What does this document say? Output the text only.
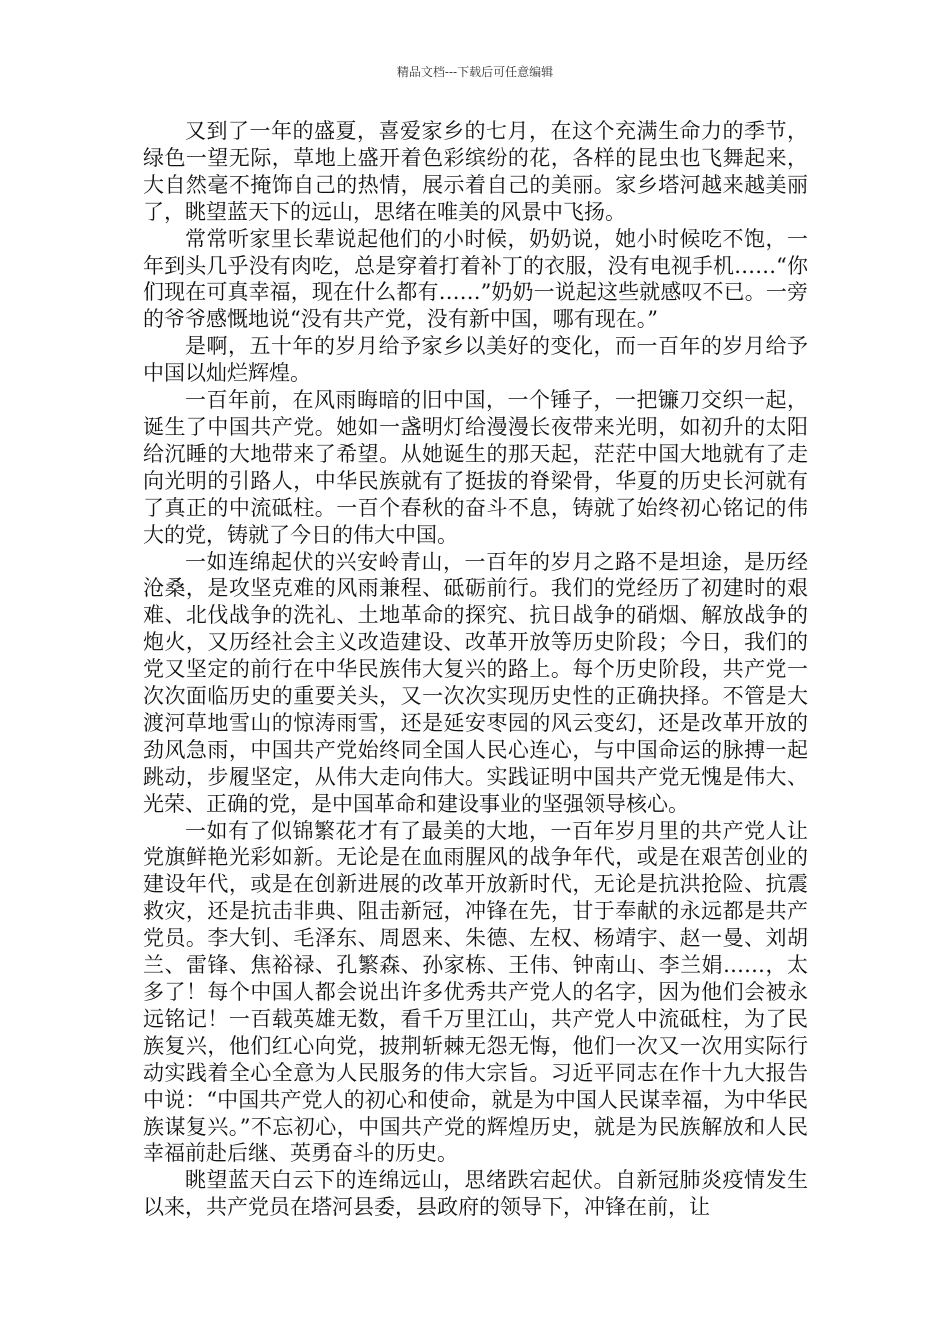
精品文档---下载后可任意编辑

又到了一年的盛夏，喜爱家乡的七月，在这个充满生命力的季节，绿色一望无际，草地上盛开着色彩缤纷的花，各样的昆虫也飞舞起来，大自然毫不掩饰自己的热情，展示着自己的美丽。家乡塔河越来越美丽了，眺望蓝天下的远山，思绪在唯美的风景中飞扬。

常常听家里长辈说起他们的小时候，奶奶说，她小时候吃不饱，一年到头几乎没有肉吃，总是穿着打着补丁的衣服，没有电视手机……“你们现在可真幸福，现在什么都有……”奶奶一说起这些就感叹不已。一旁的爷爷感慨地说“没有共产党，没有新中国，哪有现在。”

是啊，五十年的岁月给予家乡以美好的变化，而一百年的岁月给予中国以灿烂辉煌。

一百年前，在风雨晦暗的旧中国，一个锤子，一把镰刀交织一起，诞生了中国共产党。她如一盏明灯给漫漫长夜带来光明，如初升的太阳给沉睡的大地带来了希望。从她诞生的那天起，茫茫中国大地就有了走向光明的引路人，中华民族就有了挺拔的脊梁骨，华夏的历史长河就有了真正的中流砥柱。一百个春秋的奋斗不息，铸就了始终初心铭记的伟大的党，铸就了今日的伟大中国。

一如连绵起伏的兴安岭青山，一百年的岁月之路不是坦途，是历经沧桑，是攻坚克难的风雨兼程、砥砺前行。我们的党经历了初建时的艰难、北伐战争的洗礼、土地革命的探究、抗日战争的硝烟、解放战争的炮火，又历经社会主义改造建设、改革开放等历史阶段；今日，我们的党又坚定的前行在中华民族伟大复兴的路上。每个历史阶段，共产党一次次面临历史的重要关头，又一次次实现历史性的正确抉择。不管是大渡河草地雪山的惊涛雨雪，还是延安枣园的风云变幻，还是改革开放的劲风急雨，中国共产党始终同全国人民心连心，与中国命运的脉搏一起跳动，步履坚定，从伟大走向伟大。实践证明中国共产党无愧是伟大、光荣、正确的党，是中国革命和建设事业的坚强领导核心。

一如有了似锦繁花才有了最美的大地，一百年岁月里的共产党人让党旗鲜艳光彩如新。无论是在血雨腥风的战争年代，或是在艰苦创业的建设年代，或是在创新进展的改革开放新时代，无论是抗洪抢险、抗震救灾，还是抗击非典、阻击新冠，冲锋在先，甘于奉献的永远都是共产党员。李大钊、毛泽东、周恩来、朱德、左权、杨靖宇、赵一曼、刘胡兰、雷锋、焦裕禄、孔繁森、孙家栋、王伟、钟南山、李兰娟……，太多了！每个中国人都会说出许多优秀共产党人的名字，因为他们会被永远铭记！一百载英雄无数，看千万里江山，共产党人中流砥柱，为了民族复兴，他们红心向党，披荆斩棘无怨无悔，他们一次又一次用实际行动实践着全心全意为人民服务的伟大宗旨。习近平同志在作十九大报告中说：“中国共产党人的初心和使命，就是为中国人民谋幸福，为中华民族谋复兴。”不忘初心，中国共产党的辉煌历史，就是为民族解放和人民幸福前赴后继、英勇奋斗的历史。

眺望蓝天白云下的连绵远山，思绪跌宕起伏。自新冠肺炎疫情发生以来，共产党员在塔河县委，县政府的领导下，冲锋在前，让
